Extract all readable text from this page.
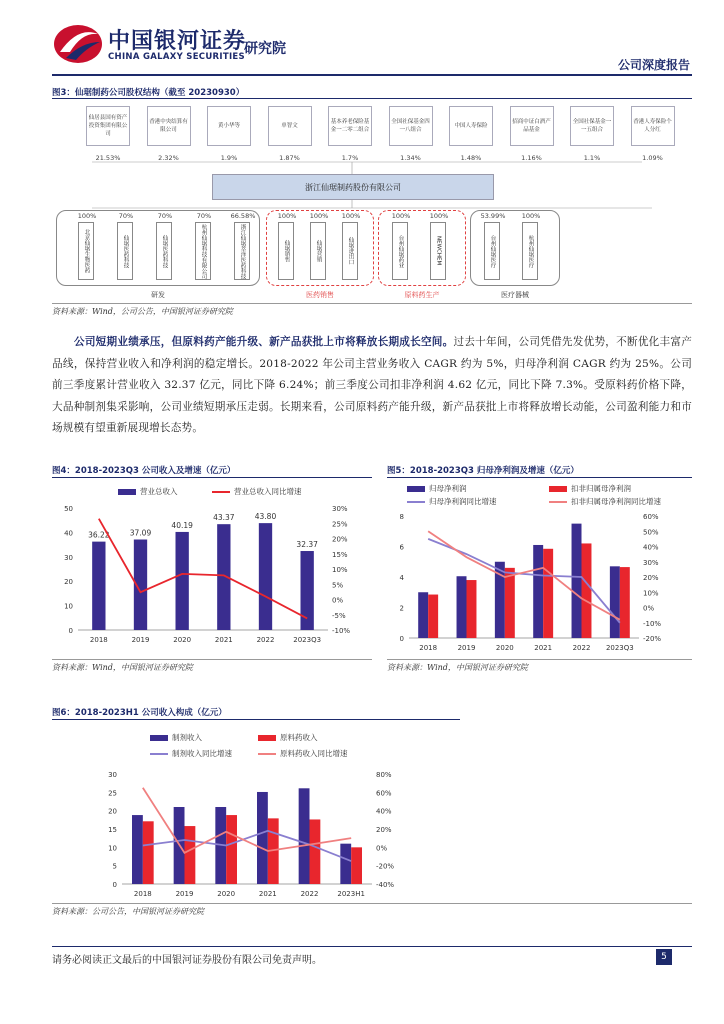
中国银河证券
CHINA GALAXY SECURITIES 研究院
公司深度报告
图3：仙琚制药公司股权结构（截至 20230930）
仙居县国有资产投资集团有限公司
21.53%
香港中央结算有限公司
2.32%
黄小华等
1.9%
单智文
1.87%
基本养老保险基金一二零二组合
1.7%
全国社保基金四一八组合
1.34%
中国人寿保险
1.48%
招商中证白酒产品基金
1.16%
全国社保基金一一五组合
1.1%
香港人寿保险个人分红
1.09%
浙江仙琚制药股份有限公司
100%
北京仙琚生物医药
70%
仙琚医药科技
70%
仙琚医药科技
70%
杭州仙琚科技有限公司
66.58%
浙江仙琚萃泽医药科技
研发
100%
仙琚销售
100%
仙琚营销
100%
仙琚进出口
医药销售
100%
台州仙琚药业
100%
NEWCHEM
原料药生产
53.99%
台州仙琚医疗
100%
杭州仙琚医疗
医疗器械
资料来源：Wind，公司公告，中国银河证券研究院
公司短期业绩承压，但原料药产能升级、新产品获批上市将释放长期成长空间。过去十年间，公司凭借先发优势，不断优化丰富产品线，保持营业收入和净利润的稳定增长。2018-2022 年公司主营业务收入 CAGR 约为 5%，归母净利润 CAGR 约为 25%。公司前三季度累计营业收入 32.37 亿元，同比下降 6.24%；前三季度公司扣非净利润 4.62 亿元，同比下降 7.3%。受原料药价格下降，大品种制剂集采影响，公司业绩短期承压走弱。长期来看，公司原料药产能升级，新产品获批上市将释放增长动能，公司盈利能力和市场规模有望重新展现增长态势。
图4：2018-2023Q3 公司收入及增速（亿元）
营业总收入	营业总收入同比增速
0
10
20
30
40
50
-10%
-5%
0%
5%
10%
15%
20%
25%
30%
36.22	37.09
40.19
43.37	43.80
32.37
2018	2019	2020	2021	2022	2023Q3
资料来源：Wind，中国银河证券研究院
图5：2018-2023Q3 归母净利润及增速（亿元）
归母净利润	扣非归属母净利润
归母净利润同比增速	扣非归属母净利润同比增速
0
2
4
6
8
-20%
-10%
0%
10%
20%
30%
40%
50%
60%
2018	2019	2020	2021	2022 2023Q3
资料来源：Wind，中国银河证券研究院
图6：2018-2023H1 公司收入构成（亿元）
制剂收入	原料药收入
制剂收入同比增速	原料药收入同比增速
0
5
10
15
20
25
30
-40%
-20%
0%
20%
40%
60%
80%
2018	2019	2020	2021	2022	2023H1
资料来源：公司公告，中国银河证券研究院
请务必阅读正文最后的中国银河证券股份有限公司免责声明。	5
